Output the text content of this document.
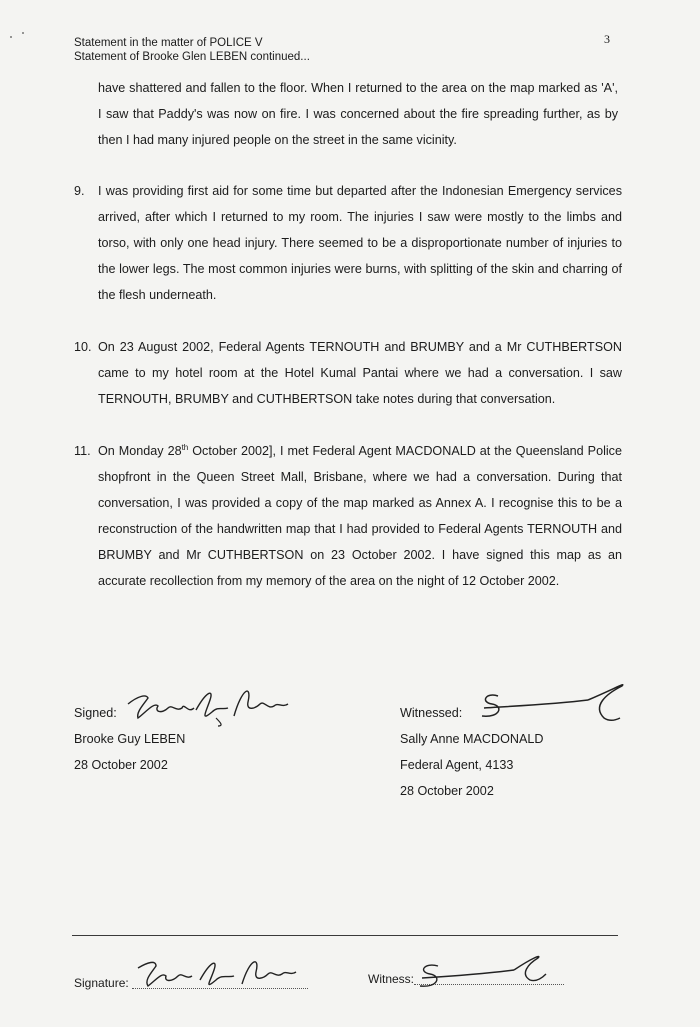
Statement in the matter of POLICE V
Statement of Brooke Glen LEBEN continued...
3
have shattered and fallen to the floor. When I returned to the area on the map marked as 'A', I saw that Paddy's was now on fire. I was concerned about the fire spreading further, as by then I had many injured people on the street in the same vicinity.
9.	I was providing first aid for some time but departed after the Indonesian Emergency services arrived, after which I returned to my room. The injuries I saw were mostly to the limbs and torso, with only one head injury. There seemed to be a disproportionate number of injuries to the lower legs. The most common injuries were burns, with splitting of the skin and charring of the flesh underneath.
10. On 23 August 2002, Federal Agents TERNOUTH and BRUMBY and a Mr CUTHBERTSON came to my hotel room at the Hotel Kumal Pantai where we had a conversation. I saw TERNOUTH, BRUMBY and CUTHBERTSON take notes during that conversation.
11. On Monday 28th October 2002], I met Federal Agent MACDONALD at the Queensland Police shopfront in the Queen Street Mall, Brisbane, where we had a conversation. During that conversation, I was provided a copy of the map marked as Annex A. I recognise this to be a reconstruction of the handwritten map that I had provided to Federal Agents TERNOUTH and BRUMBY and Mr CUTHBERTSON on 23 October 2002. I have signed this map as an accurate recollection from my memory of the area on the night of 12 October 2002.
Signed:
Brooke Guy LEBEN
28 October 2002
Witnessed:
Sally Anne MACDONALD
Federal Agent, 4133
28 October 2002
Signature:	Witness:
